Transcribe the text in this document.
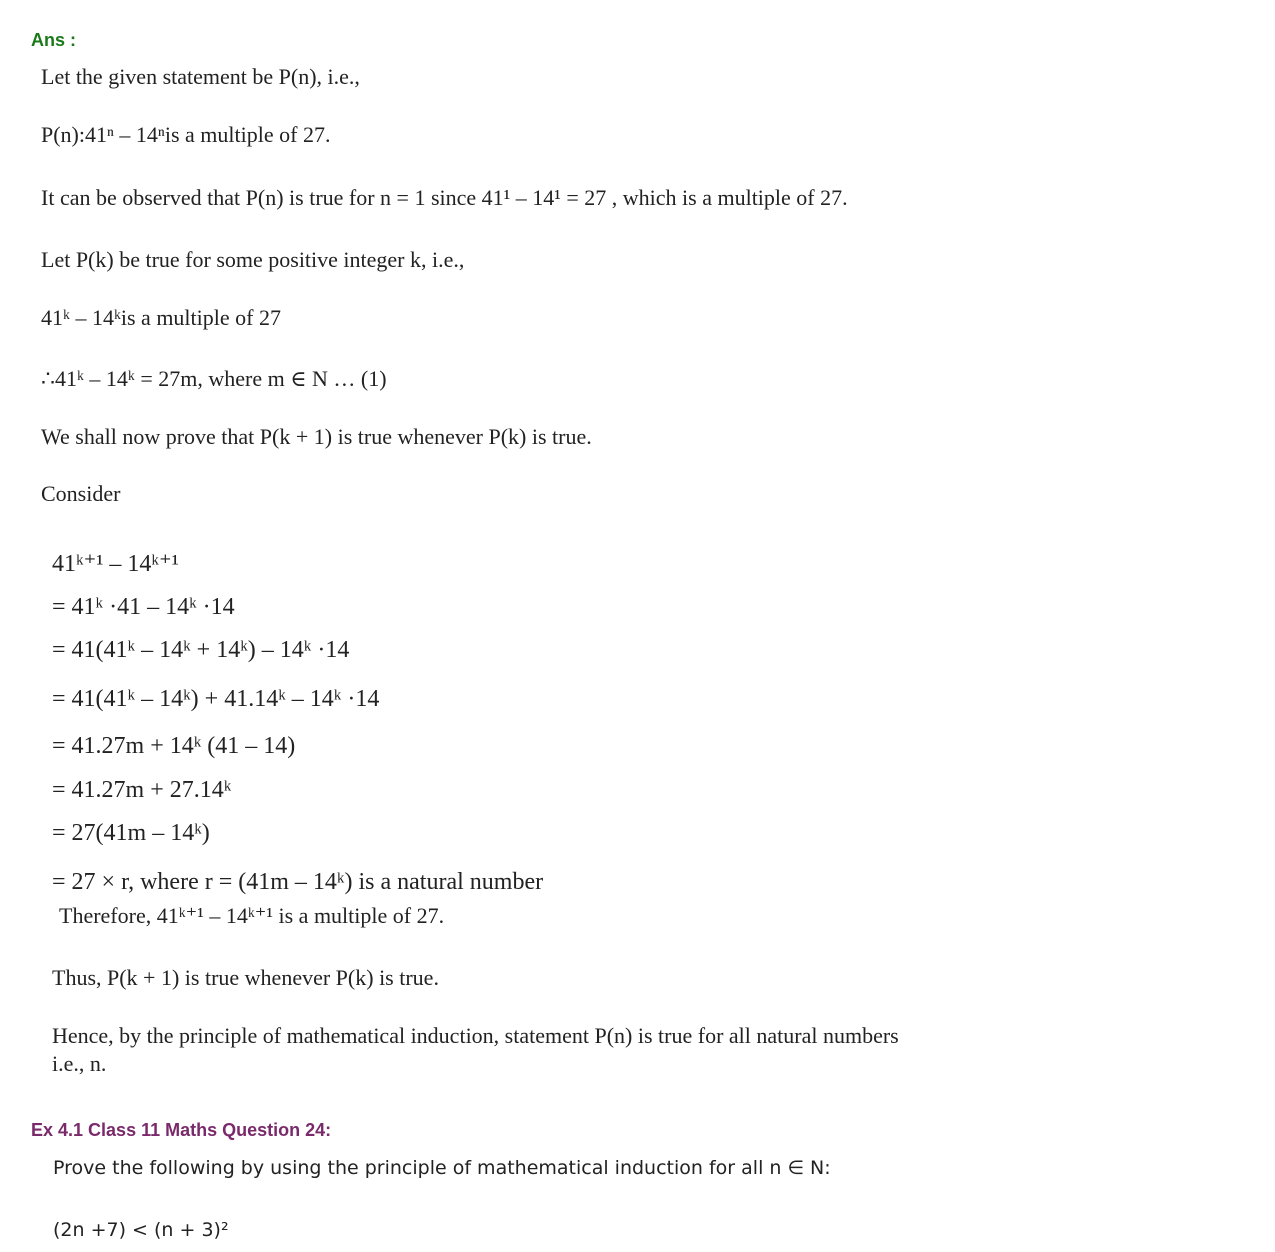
Ans :
Let the given statement be P(n), i.e.,
P(n):41ⁿ – 14ⁿis a multiple of 27.
It can be observed that P(n) is true for n = 1 since 41¹ – 14¹ = 27 , which is a multiple of 27.
Let P(k) be true for some positive integer k, i.e.,
41ᵏ – 14ᵏis a multiple of 27
∴41ᵏ – 14ᵏ = 27m, where m ∈ N … (1)
We shall now prove that P(k + 1) is true whenever P(k) is true.
Consider
41ᵏ⁺¹ – 14ᵏ⁺¹
= 41ᵏ ·41 – 14ᵏ ·14
= 41(41ᵏ – 14ᵏ + 14ᵏ) – 14ᵏ ·14
= 41(41ᵏ – 14ᵏ) + 41.14ᵏ – 14ᵏ ·14
= 41.27m + 14ᵏ (41 – 14)
= 41.27m + 27.14ᵏ
= 27(41m – 14ᵏ)
= 27 × r, where r = (41m – 14ᵏ) is a natural number
Therefore, 41ᵏ⁺¹ – 14ᵏ⁺¹ is a multiple of 27.
Thus, P(k + 1) is true whenever P(k) is true.
Hence, by the principle of mathematical induction, statement P(n) is true for all natural numbers
i.e., n.
Ex 4.1 Class 11 Maths Question 24:
Prove the following by using the principle of mathematical induction for all n ∈ N:
(2n +7) < (n + 3)²
